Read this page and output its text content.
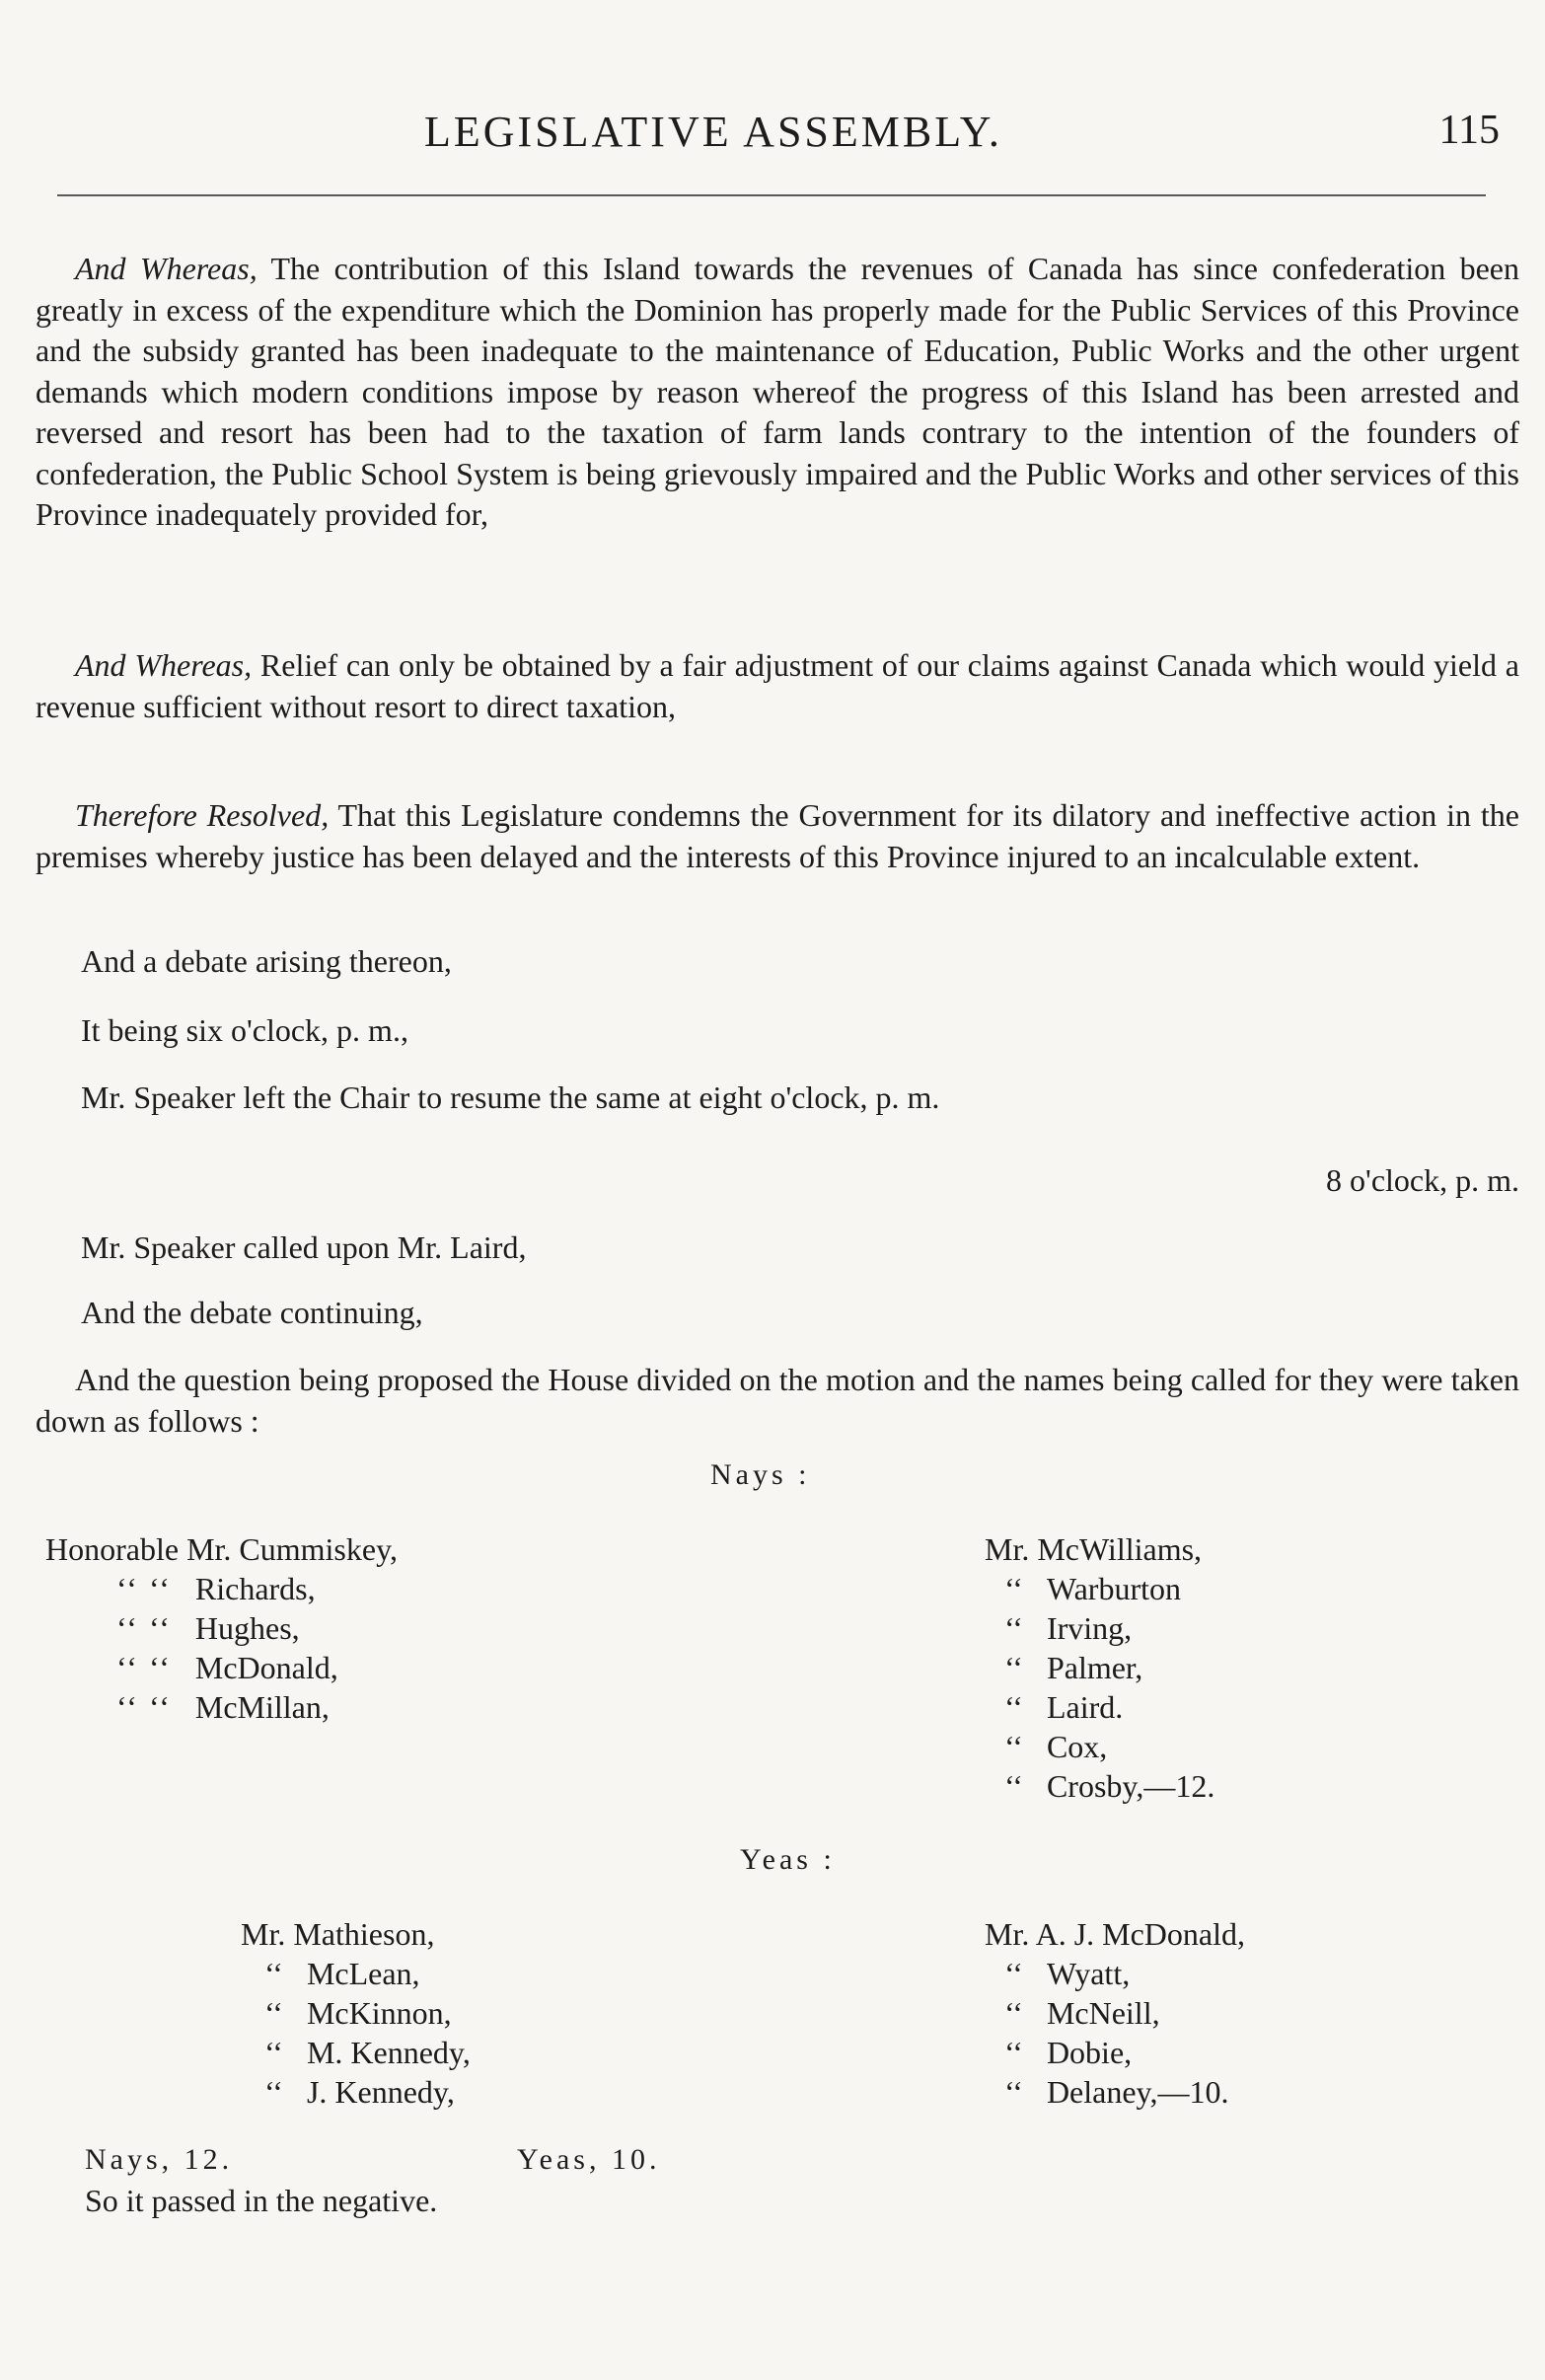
LEGISLATIVE ASSEMBLY.	115

And Whereas, The contribution of this Island towards the revenues of Canada has since confederation been greatly in excess of the expenditure which the Dominion has properly made for the Public Services of this Province and the subsidy granted has been inadequate to the maintenance of Education, Public Works and the other urgent demands which modern conditions impose by reason whereof the progress of this Island has been arrested and reversed and resort has been had to the taxation of farm lands contrary to the intention of the founders of confederation, the Public School System is being grievously impaired and the Public Works and other services of this Province inadequately provided for,

And Whereas, Relief can only be obtained by a fair adjustment of our claims against Canada which would yield a revenue sufficient without resort to direct taxation,

Therefore Resolved, That this Legislature condemns the Government for its dilatory and ineffective action in the premises whereby justice has been delayed and the interests of this Province injured to an incalculable extent.

And a debate arising thereon,

It being six o'clock, p. m.,

Mr. Speaker left the Chair to resume the same at eight o'clock, p. m.

8 o'clock, p. m.

Mr. Speaker called upon Mr. Laird,

And the debate continuing,

And the question being proposed the House divided on the motion and the names being called for they were taken down as follows :

Nays :
Honorable Mr. Cummiskey,
‘‘ ‘‘ Richards,
‘‘ ‘‘ Hughes,
‘‘ ‘‘ McDonald,
‘‘ ‘‘ McMillan,
Mr. McWilliams,
‘‘ Warburton
‘‘ Irving,
‘‘ Palmer,
‘‘ Laird.
‘‘ Cox,
‘‘ Crosby,—12.
Yeas :
Mr. Mathieson,
‘‘ McLean,
‘‘ McKinnon,
‘‘ M. Kennedy,
‘‘ J. Kennedy,
Mr. A. J. McDonald,
‘‘ Wyatt,
‘‘ McNeill,
‘‘ Dobie,
‘‘ Delaney,—10.
Nays, 12.	Yeas, 10.
So it passed in the negative.
